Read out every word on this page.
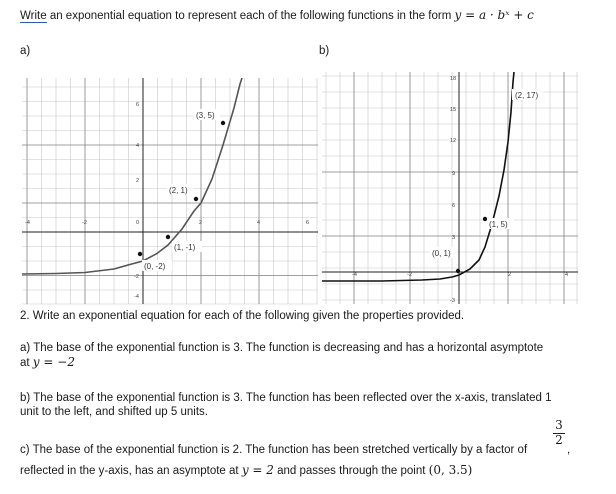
Write an exponential equation to represent each of the following functions in the form y = a · bˣ + c
a)	b)
-4	-2	0	2	4	6
6
4
2
-2
-4
(3, 5)
(2, 1)
(1, -1)
(0, -2)
-4	-2	2	4
18
15
12
9
6
3
-3
(2, 17)
(1, 5)
(0, 1)
2. Write an exponential equation for each of the following given the properties provided.
a) The base of the exponential function is 3. The function is decreasing and has a horizontal asymptote
at y = −2
b) The base of the exponential function is 3. The function has been reflected over the x-axis, translated 1
unit to the left, and shifted up 5 units.
c) The base of the exponential function is 2. The function has been stretched vertically by a factor of
3
2
,
reflected in the y-axis, has an asymptote at y = 2 and passes through the point (0, 3.5)
